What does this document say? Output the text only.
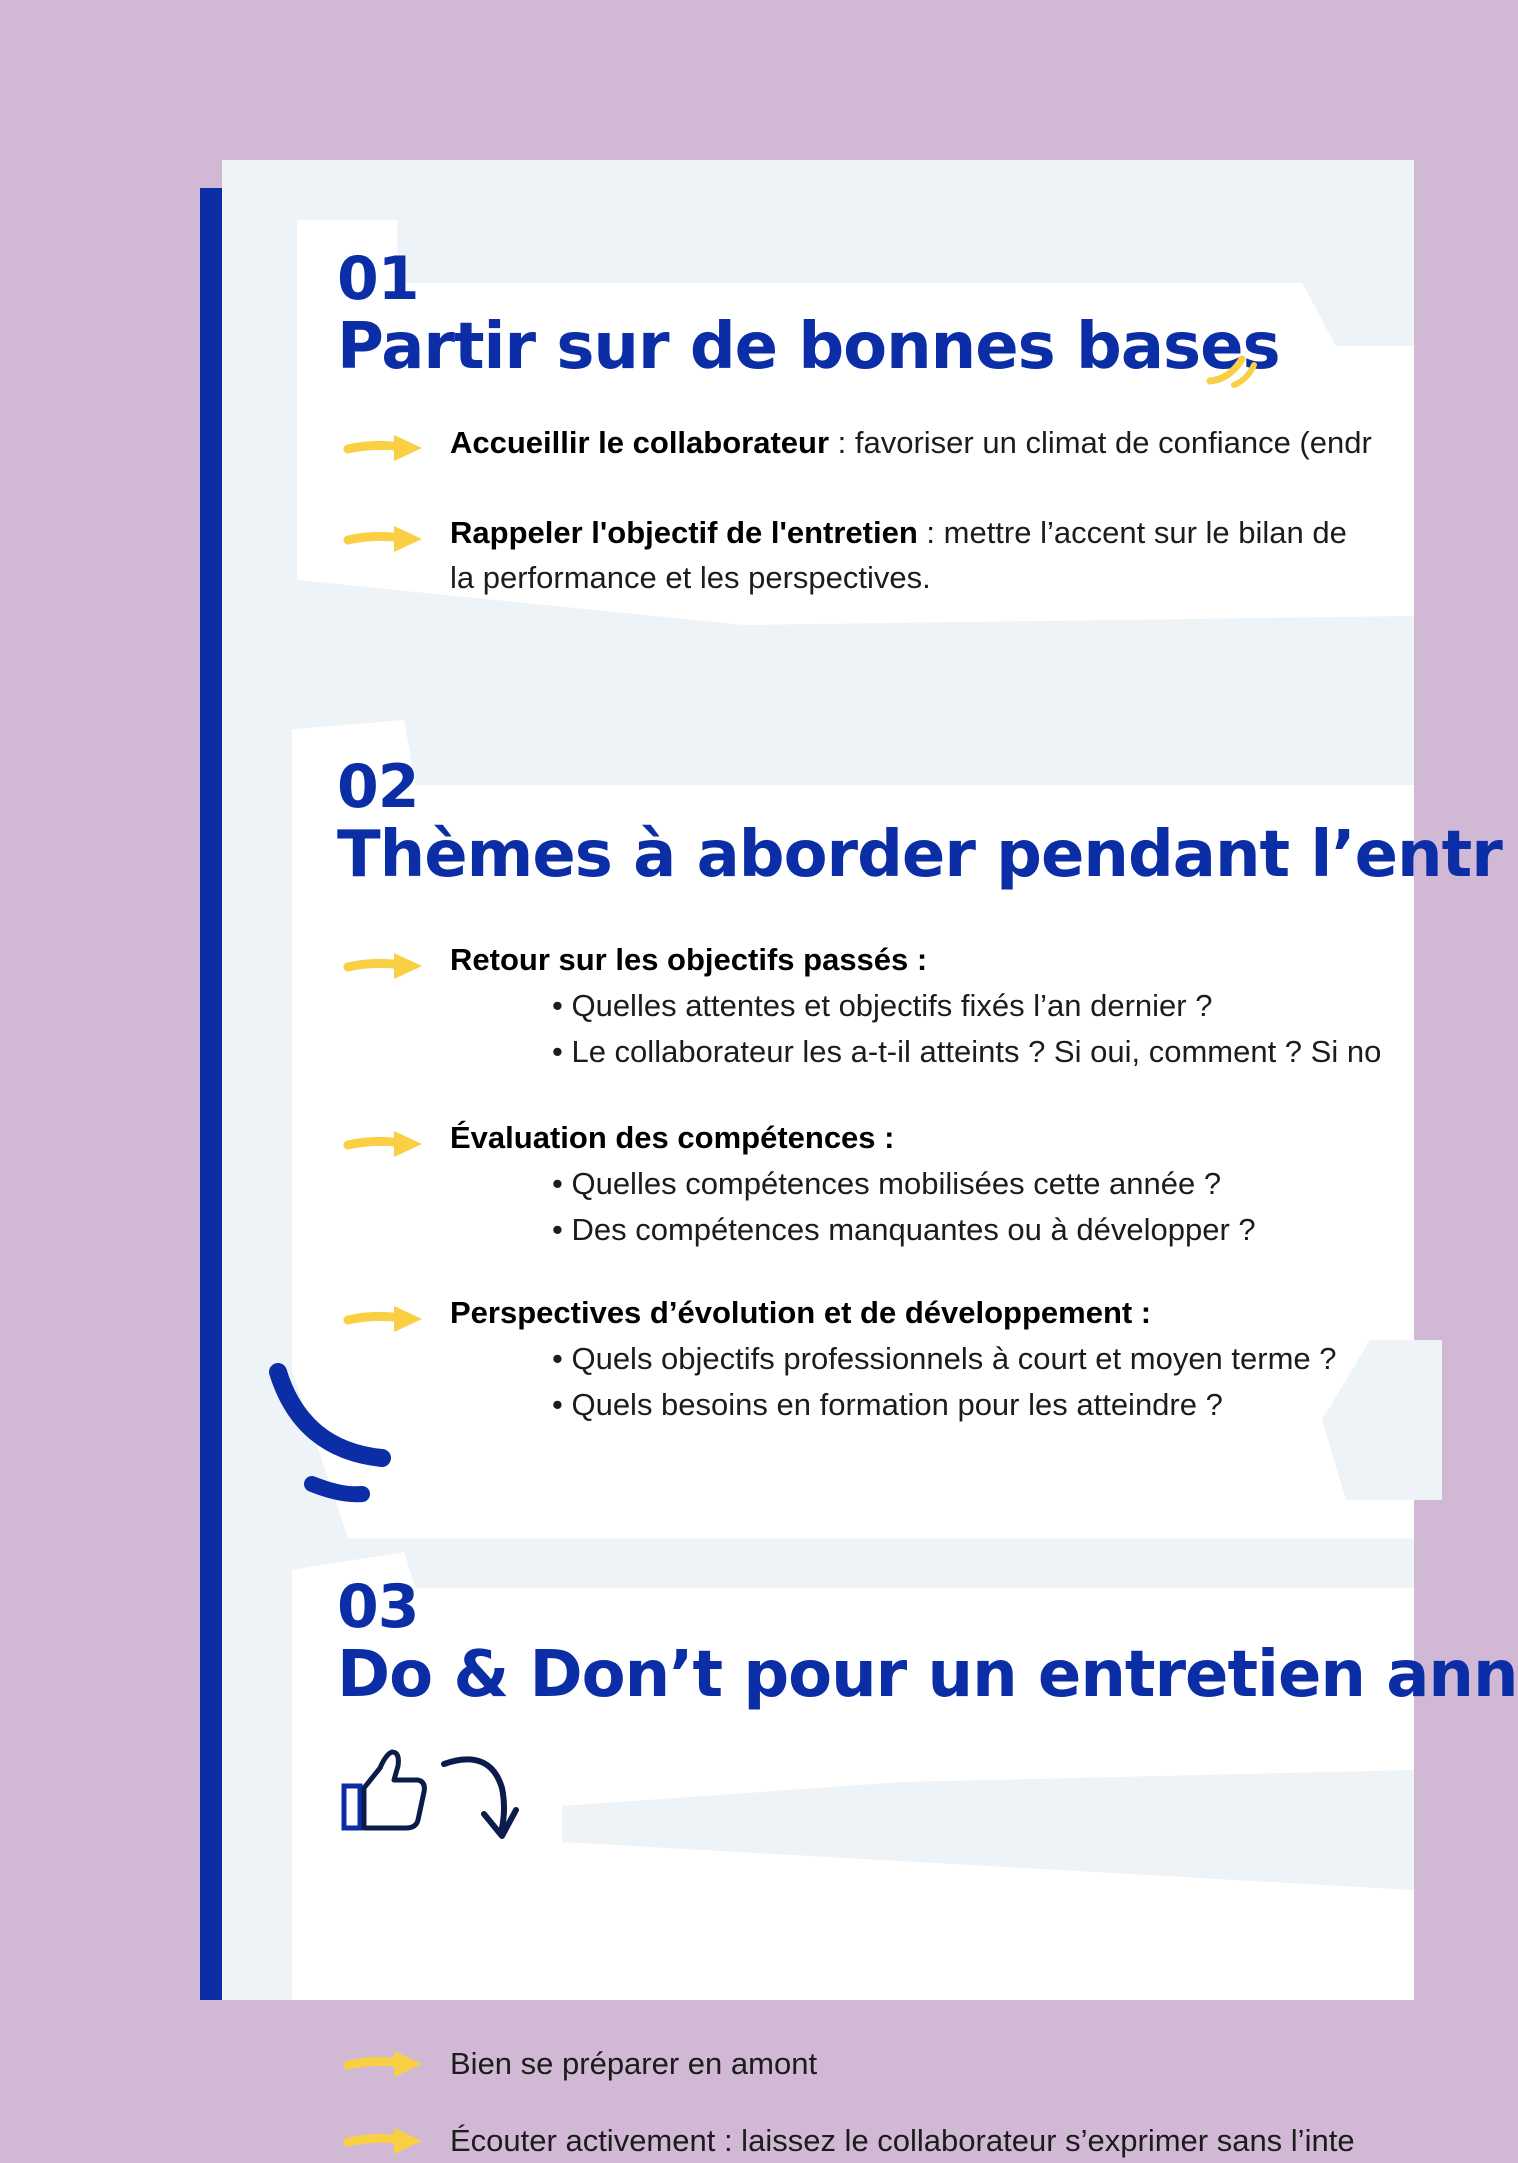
01
Partir sur de bonnes bases
Accueillir le collaborateur : favoriser un climat de confiance (endr
Rappeler l'objectif de l'entretien : mettre l’accent sur le bilan de
la performance et les perspectives.
02
Thèmes à aborder pendant l’entr
Retour sur les objectifs passés :
• Quelles attentes et objectifs fixés l’an dernier ?
• Le collaborateur les a-t-il atteints ? Si oui, comment ? Si no
Évaluation des compétences :
• Quelles compétences mobilisées cette année ?
• Des compétences manquantes ou à développer ?
Perspectives d’évolution et de développement :
• Quels objectifs professionnels à court et moyen terme ?
• Quels besoins en formation pour les atteindre ?
03
Do & Don’t pour un entretien ann
Bien se préparer en amont
Écouter activement : laissez le collaborateur s’exprimer sans l’inte
